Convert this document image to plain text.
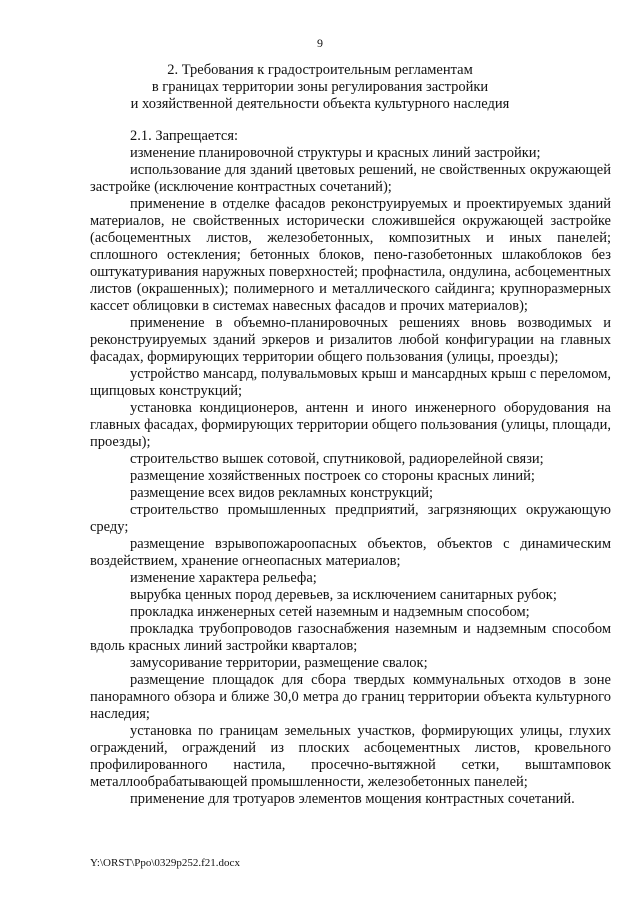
9
2. Требования к градостроительным регламентам
в границах территории зоны регулирования застройки
и хозяйственной деятельности объекта культурного наследия

2.1. Запрещается:

изменение планировочной структуры и красных линий застройки;

использование для зданий цветовых решений, не свойственных окружающей застройке (исключение контрастных сочетаний);

применение в отделке фасадов реконструируемых и проектируемых зданий материалов, не свойственных исторически сложившейся окружающей застройке (асбоцементных листов, железобетонных, композитных и иных панелей; сплошного остекления; бетонных блоков, пено-газобетонных шлакоблоков без оштукатуривания наружных поверхностей; профнастила, ондулина, асбоцементных листов (окрашенных); полимерного и металлического сайдинга; крупноразмерных кассет облицовки в системах навесных фасадов и прочих материалов);

применение в объемно-планировочных решениях вновь возводимых и реконструируемых зданий эркеров и ризалитов любой конфигурации на главных фасадах, формирующих территории общего пользования (улицы, проезды);

устройство мансард, полувальмовых крыш и мансардных крыш с переломом, щипцовых конструкций;

установка кондиционеров, антенн и иного инженерного оборудования на главных фасадах, формирующих территории общего пользования (улицы, площади, проезды);

строительство вышек сотовой, спутниковой, радиорелейной связи;

размещение хозяйственных построек со стороны красных линий;

размещение всех видов рекламных конструкций;

строительство промышленных предприятий, загрязняющих окружающую среду;

размещение взрывопожароопасных объектов, объектов с динамическим воздействием, хранение огнеопасных материалов;

изменение характера рельефа;

вырубка ценных пород деревьев, за исключением санитарных рубок;

прокладка инженерных сетей наземным и надземным способом;

прокладка трубопроводов газоснабжения наземным и надземным способом вдоль красных линий застройки кварталов;

замусоривание территории, размещение свалок;

размещение площадок для сбора твердых коммунальных отходов в зоне панорамного обзора и ближе 30,0 метра до границ территории объекта культурного наследия;

установка по границам земельных участков, формирующих улицы, глухих ограждений, ограждений из плоских асбоцементных листов, кровельного профилированного настила, просечно-вытяжной сетки, выштамповок металлообрабатывающей промышленности, железобетонных панелей;

применение для тротуаров элементов мощения контрастных сочетаний.

Y:\ORST\Ppo\0329p252.f21.docx
